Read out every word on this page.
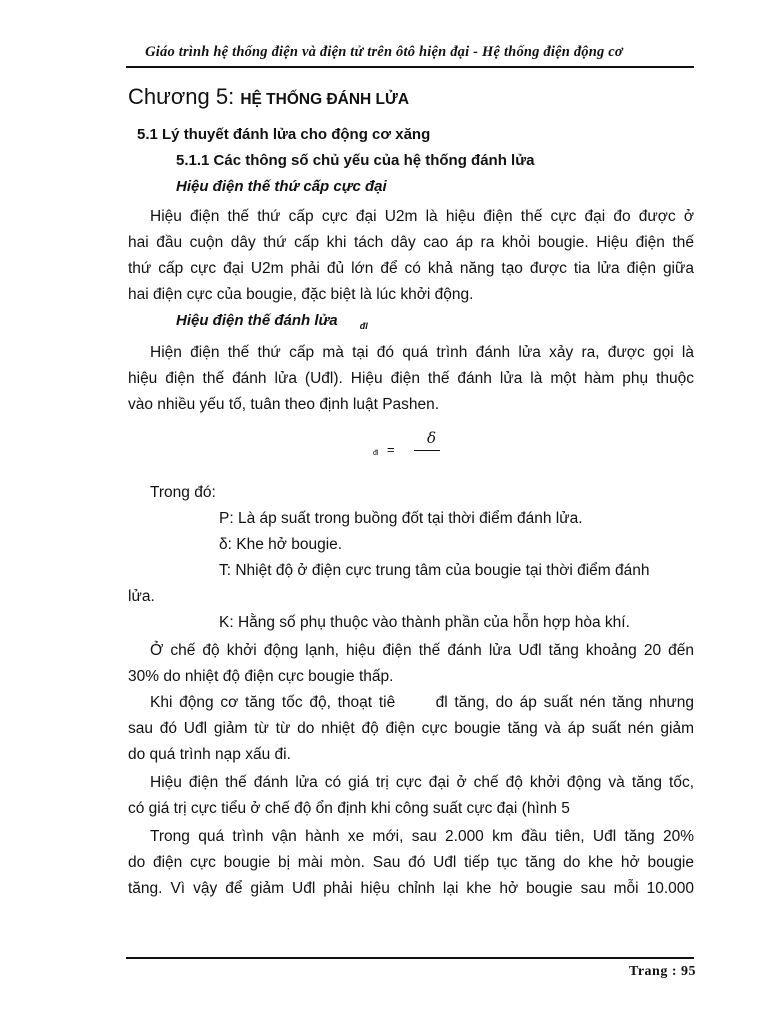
Giáo trình hệ thống điện và điện tử trên ôtô hiện đại - Hệ thống điện động cơ
Chương 5: HỆ THỐNG ĐÁNH LỬA
5.1 Lý thuyết đánh lửa cho động cơ xăng
5.1.1 Các thông số chủ yếu của hệ thống đánh lửa
Hiệu điện thế thứ cấp cực đại
Hiệu điện thế thứ cấp cực đại U2m là hiệu điện thế cực đại đo được ở
hai đầu cuộn dây thứ cấp khi tách dây cao áp ra khỏi bougie. Hiệu điện thế
thứ cấp cực đại U2m phải đủ lớn để có khả năng tạo được tia lửa điện giữa
hai điện cực của bougie, đặc biệt là lúc khởi động.
Hiệu điện thế đánh lửa $_{đl}$
Hiện điện thế thứ cấp mà tại đó quá trình đánh lửa xảy ra, được gọi là
hiệu điện thế đánh lửa (Uđl). Hiệu điện thế đánh lửa là một hàm phụ thuộc
vào nhiều yếu tố, tuân theo định luật Pashen.
đl =
δ
Trong đó:
P: Là áp suất trong buồng đốt tại thời điểm đánh lửa.
δ: Khe hở bougie.
T: Nhiệt độ ở điện cực trung tâm của bougie tại thời điểm đánh
lửa.
K: Hằng số phụ thuộc vào thành phần của hỗn hợp hòa khí.
Ở chế độ khởi động lạnh, hiệu điện thế đánh lửa Uđl tăng khoảng 20 đến
30% do nhiệt độ điện cực bougie thấp.
Khi động cơ tăng tốc độ, thoạt tiê      đl tăng, do áp suất nén tăng nhưng
sau đó Uđl giảm từ từ do nhiệt độ điện cực bougie tăng và áp suất nén giảm
do quá trình nạp xấu đi.
Hiệu điện thế đánh lửa có giá trị cực đại ở chế độ khởi động và tăng tốc,
có giá trị cực tiểu ở chế độ ổn định khi công suất cực đại (hình 5
Trong quá trình vận hành xe mới, sau 2.000 km đầu tiên, Uđl tăng 20%
do điện cực bougie bị mài mòn. Sau đó Uđl tiếp tục tăng do khe hở bougie
tăng. Vì vậy để giảm Uđl phải hiệu chỉnh lại khe hở bougie sau mỗi 10.000
Trang : 95
